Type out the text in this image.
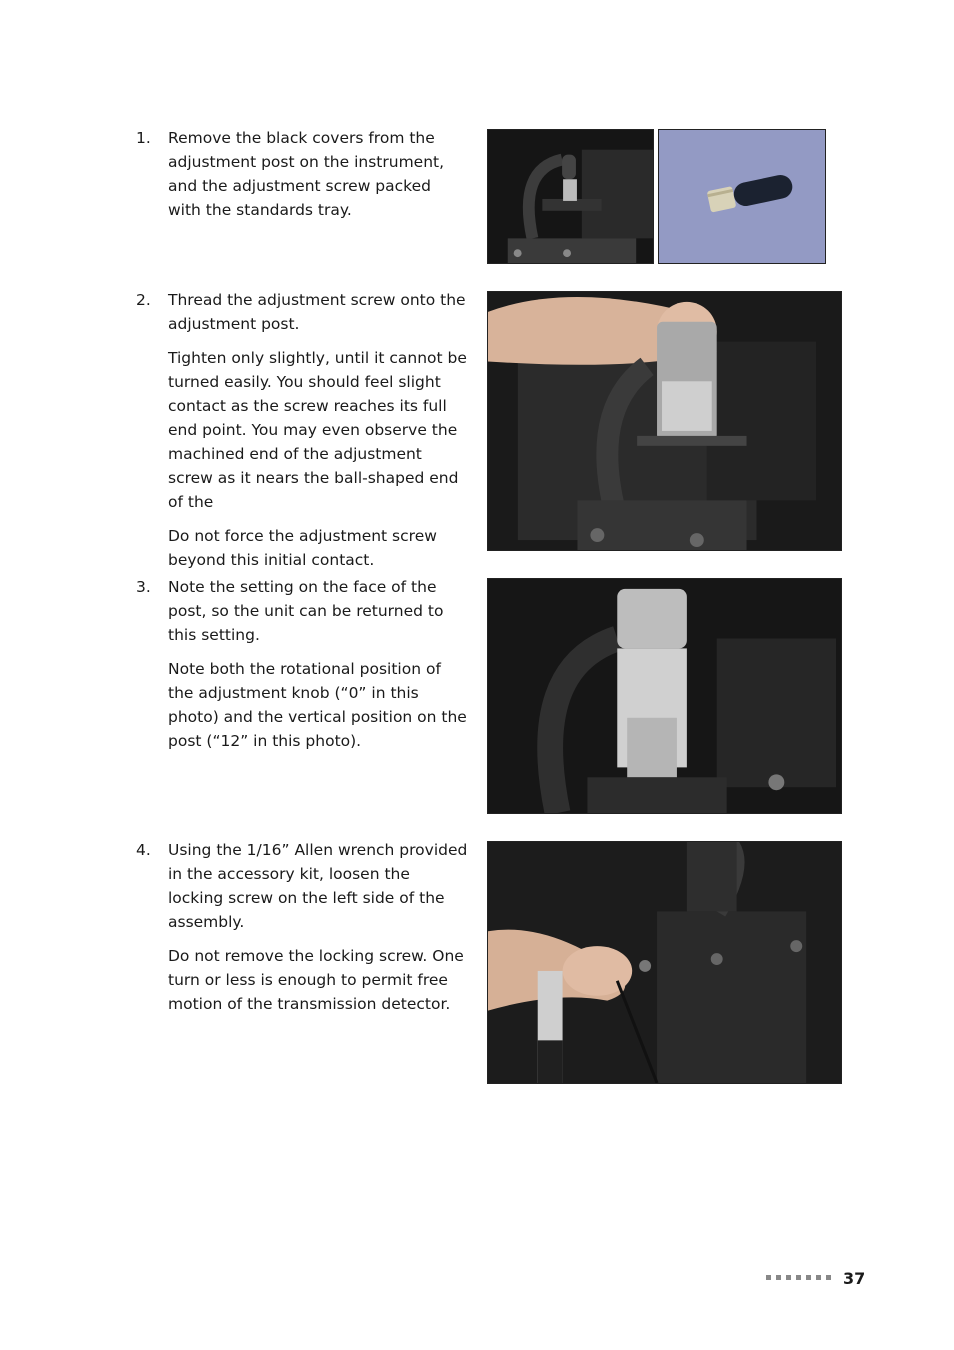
1. Remove the black covers from the adjustment post on the instrument, and the adjustment screw packed with the standards tray.

2. Thread the adjustment screw onto the adjustment post.

Tighten only slightly, until it cannot be turned easily. You should feel slight contact as the screw reaches its full end point. You may even observe the machined end of the adjustment screw as it nears the ball-shaped end of the

Do not force the adjustment screw beyond this initial contact.

3. Note the setting on the face of the post, so the unit can be returned to this setting.

Note both the rotational position of the adjustment knob (“0” in this photo) and the vertical position on the post (“12” in this photo).

4. Using the 1/16” Allen wrench provided in the accessory kit, loosen the locking screw on the left side of the assembly.

Do not remove the locking screw. One turn or less is enough to permit free motion of the transmission detector.

37
